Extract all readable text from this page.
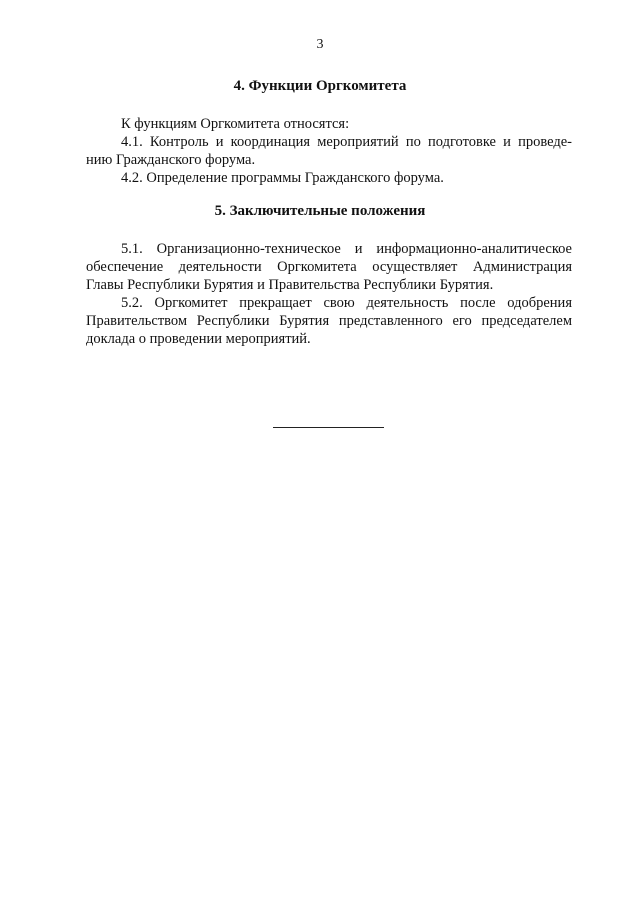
3
4. Функции Оргкомитета
К функциям Оргкомитета относятся:
4.1. Контроль и координация мероприятий по подготовке и проведе-
нию Гражданского форума.
4.2. Определение программы Гражданского форума.
5. Заключительные положения
5.1. Организационно-техническое и информационно-аналитическое
обеспечение деятельности Оргкомитета осуществляет Администрация
Главы Республики Бурятия и Правительства Республики Бурятия.
5.2. Оргкомитет прекращает свою деятельность после одобрения
Правительством Республики Бурятия представленного его председателем
доклада о проведении мероприятий.
